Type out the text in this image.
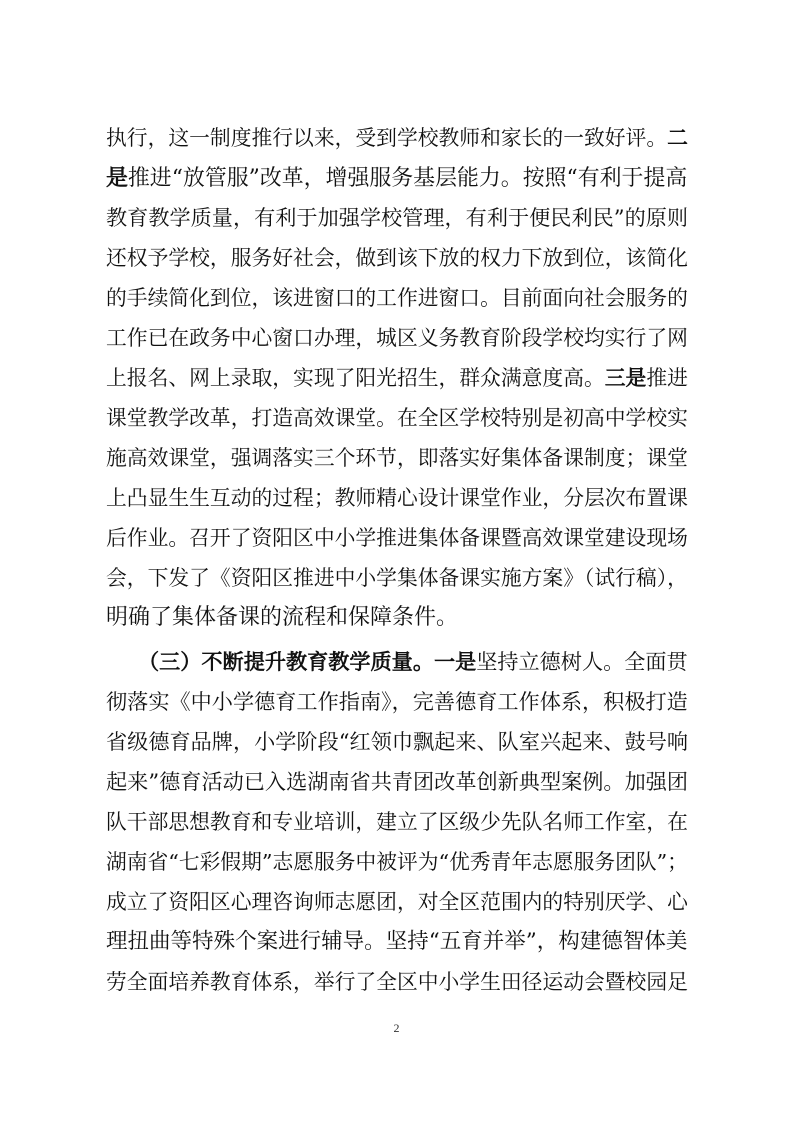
执行，这一制度推行以来，受到学校教师和家长的一致好评。二
是推进“放管服”改革，增强服务基层能力。按照“有利于提高
教育教学质量，有利于加强学校管理，有利于便民利民”的原则
还权予学校，服务好社会，做到该下放的权力下放到位，该简化
的手续简化到位，该进窗口的工作进窗口。目前面向社会服务的
工作已在政务中心窗口办理，城区义务教育阶段学校均实行了网
上报名、网上录取，实现了阳光招生，群众满意度高。三是推进
课堂教学改革，打造高效课堂。在全区学校特别是初高中学校实
施高效课堂，强调落实三个环节，即落实好集体备课制度；课堂
上凸显生生互动的过程；教师精心设计课堂作业，分层次布置课
后作业。召开了资阳区中小学推进集体备课暨高效课堂建设现场
会，下发了《资阳区推进中小学集体备课实施方案》（试行稿），
明确了集体备课的流程和保障条件。
（三）不断提升教育教学质量。一是坚持立德树人。全面贯
彻落实《中小学德育工作指南》，完善德育工作体系，积极打造
省级德育品牌，小学阶段“红领巾飘起来、队室兴起来、鼓号响
起来”德育活动已入选湖南省共青团改革创新典型案例。加强团
队干部思想教育和专业培训，建立了区级少先队名师工作室，在
湖南省“七彩假期”志愿服务中被评为“优秀青年志愿服务团队”；
成立了资阳区心理咨询师志愿团，对全区范围内的特别厌学、心
理扭曲等特殊个案进行辅导。坚持“五育并举”，构建德智体美
劳全面培养教育体系，举行了全区中小学生田径运动会暨校园足
2
